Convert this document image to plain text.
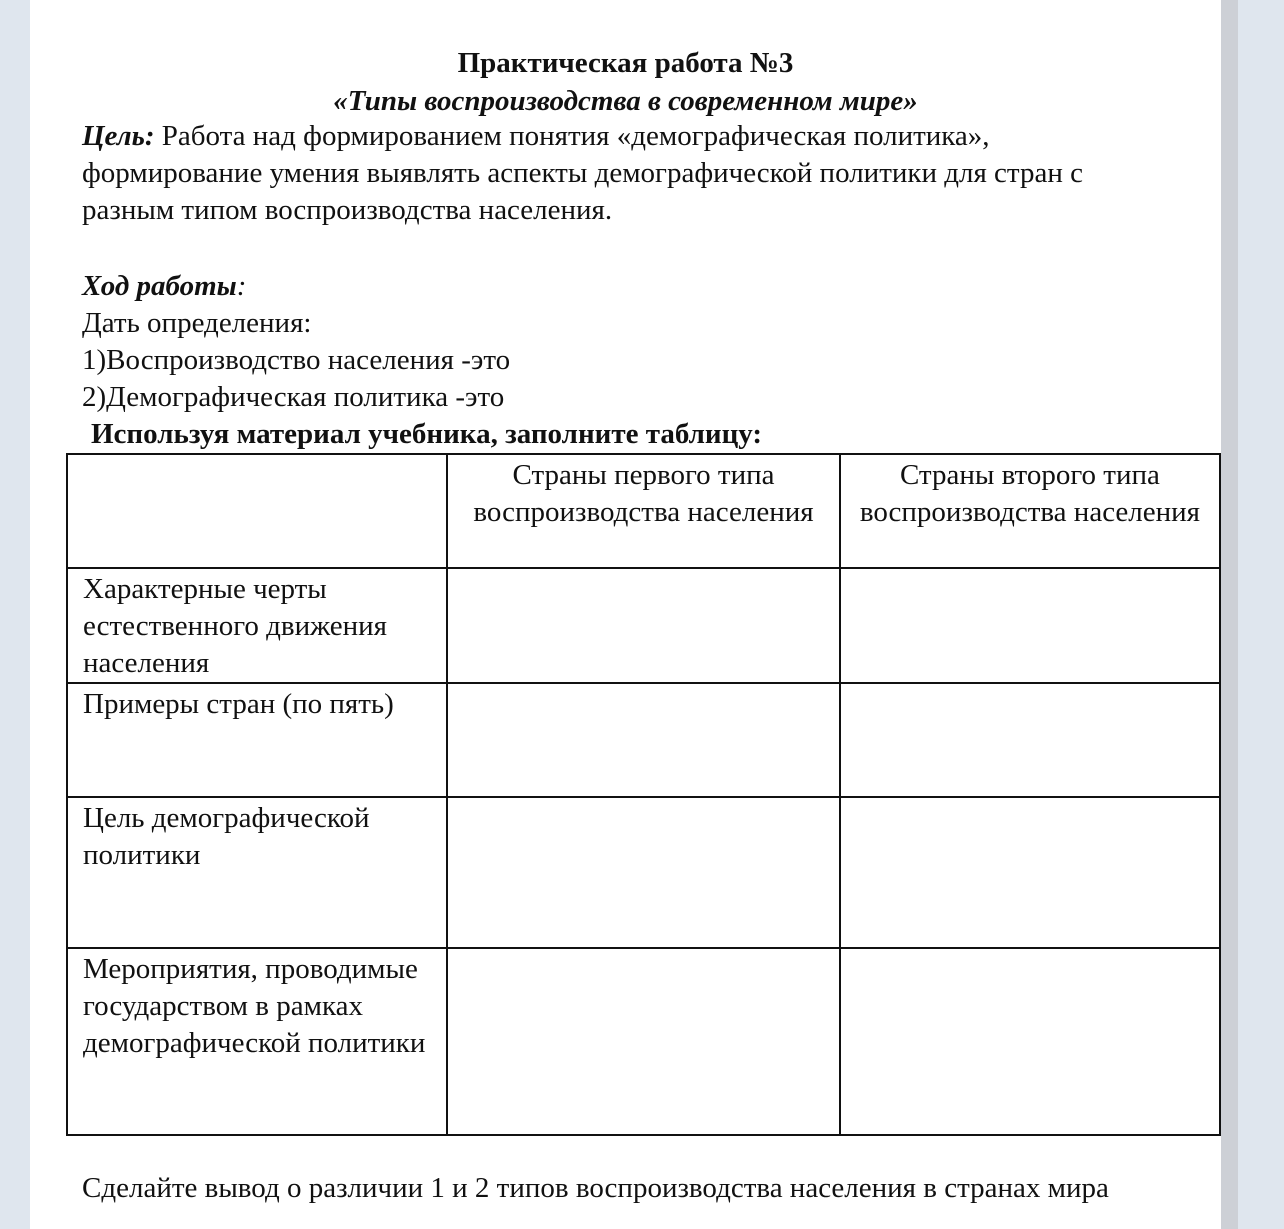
Практическая работа №3
«Типы воспроизводства в современном мире»
Цель: Работа над формированием понятия «демографическая политика»,
формирование умения выявлять аспекты демографической политики для стран с
разным типом воспроизводства населения.
Ход работы:
Дать определения:
1)Воспроизводство населения -это
2)Демографическая политика -это
Используя материал учебника, заполните таблицу:
	Страны первого типа воспроизводства населения	Страны второго типа воспроизводства населения
Характерные черты естественного движения населения		
Примеры стран (по пять)		
Цель демографической политики		
Мероприятия, проводимые государством в рамках демографической политики		
Сделайте вывод о различии 1 и 2 типов воспроизводства населения в странах мира
